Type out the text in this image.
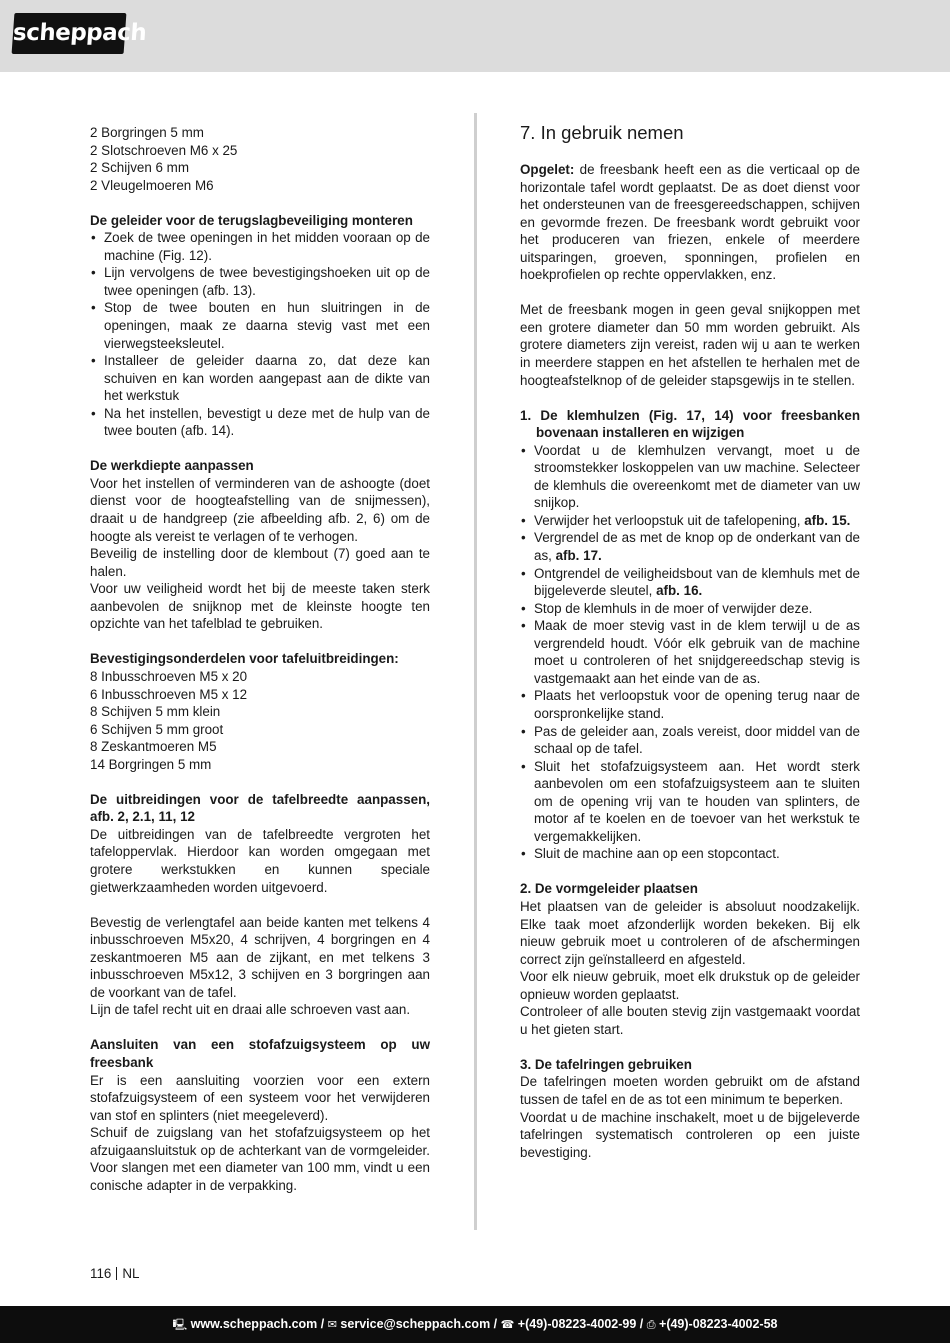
scheppach

2 Borgringen 5 mm

2 Slotschroeven M6 x 25

2 Schijven 6 mm

2 Vleugelmoeren M6

De geleider voor de terugslagbeveiliging monteren
• Zoek de twee openingen in het midden vooraan op de machine (Fig. 12).
• Lijn vervolgens de twee bevestigingshoeken uit op de twee openingen (afb. 13).
• Stop de twee bouten en hun sluitringen in de openingen, maak ze daarna stevig vast met een vierwegsteeksleutel.
• Installeer de geleider daarna zo, dat deze kan schuiven en kan worden aangepast aan de dikte van het werkstuk
• Na het instellen, bevestigt u deze met de hulp van de twee bouten (afb. 14).
De werkdiepte aanpassen

Voor het instellen of verminderen van de ashoogte (doet dienst voor de hoogteafstelling van de snijmessen), draait u de handgreep (zie afbeelding afb. 2, 6) om de hoogte als vereist te verlagen of te verhogen.

Beveilig de instelling door de klembout (7) goed aan te halen.

Voor uw veiligheid wordt het bij de meeste taken sterk aanbevolen de snijknop met de kleinste hoogte ten opzichte van het tafelblad te gebruiken.

Bevestigingsonderdelen voor tafeluitbreidingen:

8 Inbusschroeven M5 x 20

6 Inbusschroeven M5 x 12

8 Schijven 5 mm klein

6 Schijven 5 mm groot

8 Zeskantmoeren M5

14 Borgringen 5 mm

De uitbreidingen voor de tafelbreedte aanpassen, afb. 2, 2.1, 11, 12

De uitbreidingen van de tafelbreedte vergroten het tafeloppervlak. Hierdoor kan worden omgegaan met grotere werkstukken en kunnen speciale gietwerkzaamheden worden uitgevoerd.

Bevestig de verlengtafel aan beide kanten met telkens 4 inbusschroeven M5x20, 4 schrijven, 4 borgringen en 4 zeskantmoeren M5 aan de zijkant, en met telkens 3 inbusschroeven M5x12, 3 schijven en 3 borgringen aan de voorkant van de tafel.

Lijn de tafel recht uit en draai alle schroeven vast aan.

Aansluiten van een stofafzuigsysteem op uw freesbank

Er is een aansluiting voorzien voor een extern stofafzuigsysteem of een systeem voor het verwijderen van stof en splinters (niet meegeleverd).

Schuif de zuigslang van het stofafzuigsysteem op het afzuigaansluitstuk op de achterkant van de vormgeleider. Voor slangen met een diameter van 100 mm, vindt u een conische adapter in de verpakking.

7. In gebruik nemen

Opgelet: de freesbank heeft een as die verticaal op de horizontale tafel wordt geplaatst. De as doet dienst voor het ondersteunen van de freesgereedschappen, schijven en gevormde frezen. De freesbank wordt gebruikt voor het produceren van friezen, enkele of meerdere uitsparingen, groeven, sponningen, profielen en hoekprofielen op rechte oppervlakken, enz.

Met de freesbank mogen in geen geval snijkoppen met een grotere diameter dan 50 mm worden gebruikt. Als grotere diameters zijn vereist, raden wij u aan te werken in meerdere stappen en het afstellen te herhalen met de hoogteafstelknop of de geleider stapsgewijs in te stellen.

1. De klemhulzen (Fig. 17, 14) voor freesbanken bovenaan installeren en wijzigen
• Voordat u de klemhulzen vervangt, moet u de stroomstekker loskoppelen van uw machine. Selecteer de klemhuls die overeenkomt met de diameter van uw snijkop.
• Verwijder het verloopstuk uit de tafelopening, afb. 15.
• Vergrendel de as met de knop op de onderkant van de as, afb. 17.
• Ontgrendel de veiligheidsbout van de klemhuls met de bijgeleverde sleutel, afb. 16.
• Stop de klemhuls in de moer of verwijder deze.
• Maak de moer stevig vast in de klem terwijl u de as vergrendeld houdt. Vóór elk gebruik van de machine moet u controleren of het snijdgereedschap stevig is vastgemaakt aan het einde van de as.
• Plaats het verloopstuk voor de opening terug naar de oorspronkelijke stand.
• Pas de geleider aan, zoals vereist, door middel van de schaal op de tafel.
• Sluit het stofafzuigsysteem aan. Het wordt sterk aanbevolen om een stofafzuigsysteem aan te sluiten om de opening vrij van te houden van splinters, de motor af te koelen en de toevoer van het werkstuk te vergemakkelijken.
• Sluit de machine aan op een stopcontact.
2. De vormgeleider plaatsen

Het plaatsen van de geleider is absoluut noodzakelijk. Elke taak moet afzonderlijk worden bekeken. Bij elk nieuw gebruik moet u controleren of de afschermingen correct zijn geïnstalleerd en afgesteld.

Voor elk nieuw gebruik, moet elk drukstuk op de geleider opnieuw worden geplaatst.

Controleer of alle bouten stevig zijn vastgemaakt voordat u het gieten start.

3. De tafelringen gebruiken

De tafelringen moeten worden gebruikt om de afstand tussen de tafel en de as tot een minimum te beperken.

Voordat u de machine inschakelt, moet u de bijgeleverde tafelringen systematisch controleren op een juiste bevestiging.

116 NL
🖳 www.scheppach.com / ✉ service@scheppach.com / ☎ +(49)-08223-4002-99 / ⎙ +(49)-08223-4002-58
